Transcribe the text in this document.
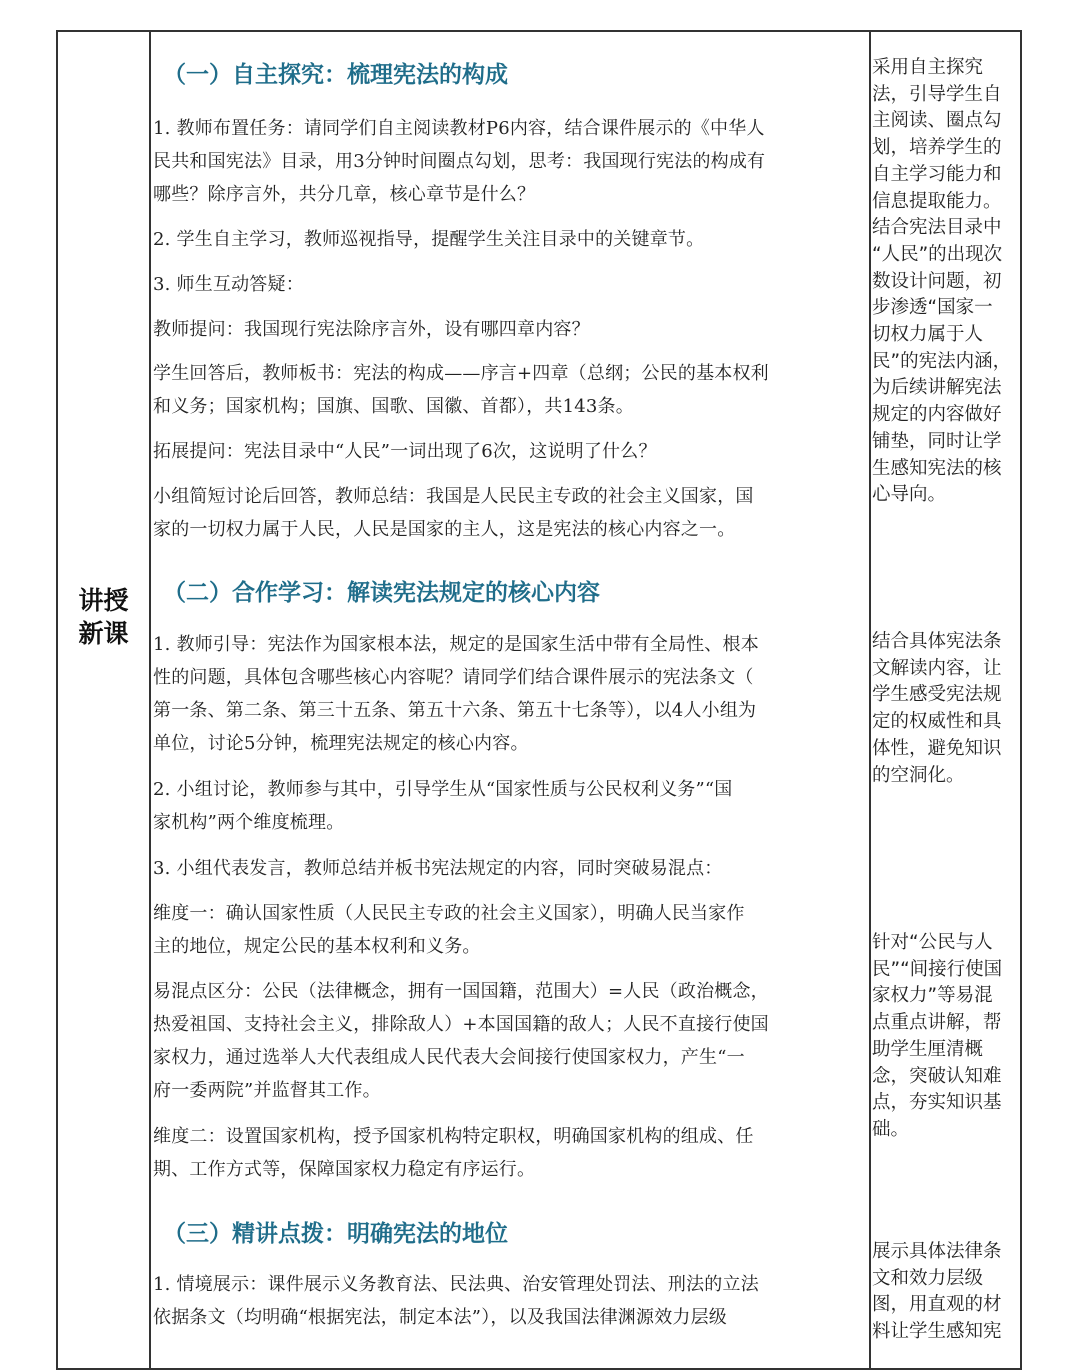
讲授
新课
（一）自主探究：梳理宪法的构成
1. 教师布置任务：请同学们自主阅读教材P6内容，结合课件展示的《中华人
民共和国宪法》目录，用3分钟时间圈点勾划，思考：我国现行宪法的构成有
哪些？除序言外，共分几章，核心章节是什么？
2. 学生自主学习，教师巡视指导，提醒学生关注目录中的关键章节。
3. 师生互动答疑：
教师提问：我国现行宪法除序言外，设有哪四章内容？
学生回答后，教师板书：宪法的构成——序言+四章（总纲；公民的基本权利
和义务；国家机构；国旗、国歌、国徽、首都），共143条。
拓展提问：宪法目录中“人民”一词出现了6次，这说明了什么？
小组简短讨论后回答，教师总结：我国是人民民主专政的社会主义国家，国
家的一切权力属于人民，人民是国家的主人，这是宪法的核心内容之一。
（二）合作学习：解读宪法规定的核心内容
1. 教师引导：宪法作为国家根本法，规定的是国家生活中带有全局性、根本
性的问题，具体包含哪些核心内容呢？请同学们结合课件展示的宪法条文（
第一条、第二条、第三十五条、第五十六条、第五十七条等），以4人小组为
单位，讨论5分钟，梳理宪法规定的核心内容。
2. 小组讨论，教师参与其中，引导学生从“国家性质与公民权利义务”“国
家机构”两个维度梳理。
3. 小组代表发言，教师总结并板书宪法规定的内容，同时突破易混点：
维度一：确认国家性质（人民民主专政的社会主义国家），明确人民当家作
主的地位，规定公民的基本权利和义务。
易混点区分：公民（法律概念，拥有一国国籍，范围大）=人民（政治概念，
热爱祖国、支持社会主义，排除敌人）+本国国籍的敌人；人民不直接行使国
家权力，通过选举人大代表组成人民代表大会间接行使国家权力，产生“一
府一委两院”并监督其工作。
维度二：设置国家机构，授予国家机构特定职权，明确国家机构的组成、任
期、工作方式等，保障国家权力稳定有序运行。
（三）精讲点拨：明确宪法的地位
1. 情境展示：课件展示义务教育法、民法典、治安管理处罚法、刑法的立法
依据条文（均明确“根据宪法，制定本法”），以及我国法律渊源效力层级
采用自主探究
法，引导学生自
主阅读、圈点勾
划，培养学生的
自主学习能力和
信息提取能力。
结合宪法目录中
“人民”的出现次
数设计问题，初
步渗透“国家一
切权力属于人
民”的宪法内涵，
为后续讲解宪法
规定的内容做好
铺垫，同时让学
生感知宪法的核
心导向。
结合具体宪法条
文解读内容，让
学生感受宪法规
定的权威性和具
体性，避免知识
的空洞化。
针对“公民与人
民”“间接行使国
家权力”等易混
点重点讲解，帮
助学生厘清概
念，突破认知难
点，夯实知识基
础。
展示具体法律条
文和效力层级
图，用直观的材
料让学生感知宪
